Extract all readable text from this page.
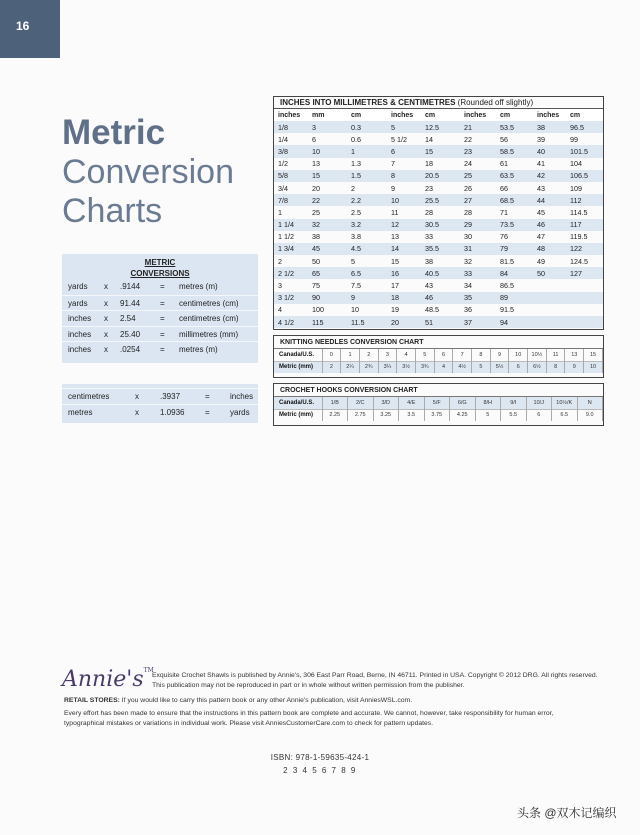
16
Metric
Conversion
Charts
METRIC
CONVERSIONS
yards x .9144 = metres (m)
yards x 91.44 = centimetres (cm)
inches x 2.54	= centimetres (cm)
inches x 25.40 = millimetres (mm)
inches x .0254 = metres (m)
centimetres	x	.3937	=	inches
metres	x	1.0936	=	yards
INCHES INTO MILLIMETRES & CENTIMETRES (Rounded off slightly)
inches	mm	cm	inches	cm	inches	cm	inches	cm
1/8	3	0.3	5	12.5	21	53.5	38	96.5
1/4	6	0.6	5 1/2	14	22	56	39	99
3/8	10	1	6	15	23	58.5	40	101.5
1/2	13	1.3	7	18	24	61	41	104
5/8	15	1.5	8	20.5	25	63.5	42	106.5
3/4	20	2	9	23	26	66	43	109
7/8	22	2.2	10	25.5	27	68.5	44	112
1	25	2.5	11	28	28	71	45	114.5
1 1/4	32	3.2	12	30.5	29	73.5	46	117
1 1/2	38	3.8	13	33	30	76	47	119.5
1 3/4	45	4.5	14	35.5	31	79	48	122
2	50	5	15	38	32	81.5	49	124.5
2 1/2	65	6.5	16	40.5	33	84	50	127
3	75	7.5	17	43	34	86.5		
3 1/2	90	9	18	46	35	89		
4	100	10	19	48.5	36	91.5		
4 1/2	115	11.5	20	51	37	94		
KNITTING NEEDLES CONVERSION CHART
Canada/U.S.	0	1	2	3	4	5	6	7	8	9	10	10½	11	13	15
Metric (mm)	2	2¼	2¾	3¼	3½	3¾	4	4½	5	5½	6	6½	8	9	10
CROCHET HOOKS CONVERSION CHART
Canada/U.S.	1/B	2/C	3/D	4/E	5/F	6/G	8/H	9/I	10/J	10½/K	N
Metric (mm)	2.25	2.75	3.25	3.5	3.75	4.25	5	5.5	6	6.5	9.0
Annie's™
Exquisite Crochet Shawls is published by Annie's, 306 East Parr Road, Berne, IN 46711. Printed in USA. Copyright © 2012 DRG. All rights reserved.
This publication may not be reproduced in part or in whole without written permission from the publisher.
RETAIL STORES: If you would like to carry this pattern book or any other Annie's publication, visit AnniesWSL.com.
Every effort has been made to ensure that the instructions in this pattern book are complete and accurate. We cannot, however, take responsibility for human error, typographical mistakes or variations in individual work. Please visit AnniesCustomerCare.com to check for pattern updates.
ISBN: 978-1-59635-424-1
2 3 4 5 6 7 8 9
头条 @双木记编织
